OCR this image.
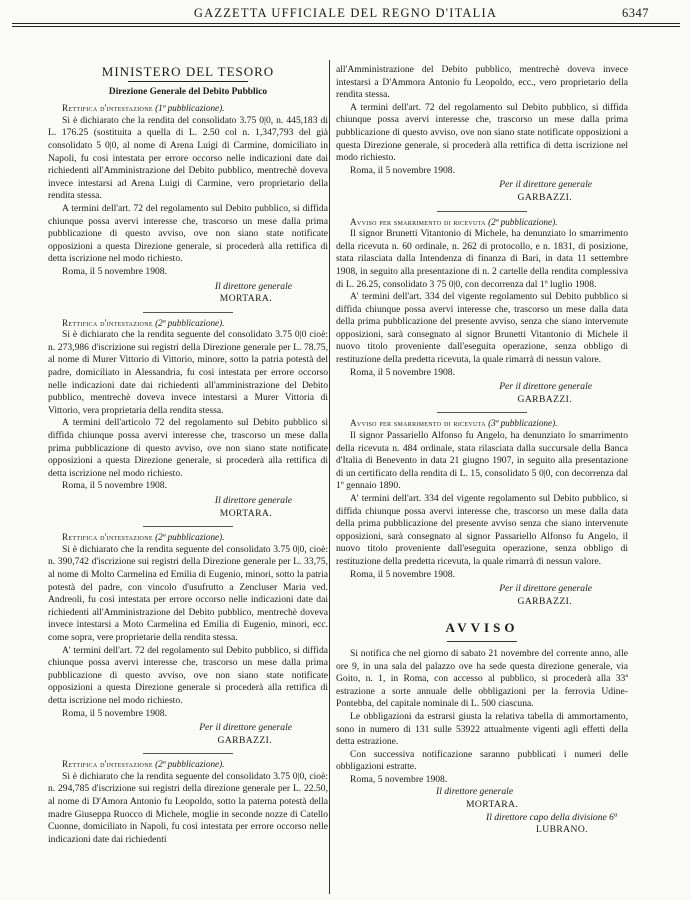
GAZZETTA UFFICIALE DEL REGNO D'ITALIA	6347
MINISTERO DEL TESORO
Direzione Generale del Debito Pubblico

Rettifica d'intestazione (1ª pubblicazione).

Si è dichiarato che la rendita del consolidato 3.75 0|0, n. 445,183 di L. 176.25 (sostituita a quella di L. 2.50 col n. 1,347,793 del già consolidato 5 0|0, al nome di Arena Luigi di Carmine, domiciliato in Napoli, fu così intestata per errore occorso nelle indicazioni date dai richiedenti all'Amministrazione del Debito pubblico, mentrechè doveva invece intestarsi ad Arena Luigi di Carmine, vero proprietario della rendita stessa.

A termini dell'art. 72 del regolamento sul Debito pubblico, si diffida chiunque possa avervi interesse che, trascorso un mese dalla prima pubblicazione di questo avviso, ove non siano state notificate opposizioni a questa Direzione generale, si procederà alla rettifica di detta iscrizione nel modo richiesto.

Roma, il 5 novembre 1908.

Il direttore generale
MORTARA.

Rettifica d'intestazione (2ª pubblicazione).

Si è dichiarato che la rendita seguente del consolidato 3.75 0|0 cioè: n. 273,986 d'iscrizione sui registri della Direzione generale per L. 78.75, al nome di Murer Vittorio di Vittorio, minore, sotto la patria potestà del padre, domiciliato in Alessandria, fu così intestata per errore occorso nelle indicazioni date dai richiedenti all'amministrazione del Debito pubblico, mentrechè doveva invece intestarsi a Murer Vittoria di Vittorio, vera proprietaria della rendita stessa.

A termini dell'articolo 72 del regolamento sul Debito pubblico si diffida chiunque possa avervi interesse che, trascorso un mese dalla prima pubblicazione di questo avviso, ove non siano state notificate opposizioni a questa Direzione generale, si procederà alla rettifica di detta iscrizione nel modo richiesto.

Roma, il 5 novembre 1908.

Il direttore generale
MORTARA.

Rettifica d'intestazione (2ª pubblicazione).

Si è dichiarato che la rendita seguente del consolidato 3.75 0|0, cioè: n. 390,742 d'iscrizione sui registri della Direzione generale per L. 33,75, al nome di Molto Carmelina ed Emilia di Eugenio, minori, sotto la patria potestà del padre, con vincolo d'usufrutto a Zencluser Maria ved. Andreoli, fu così intestata per errore occorso nelle indicazioni date dai richiedenti all'Amministrazione del Debito pubblico, mentrechè doveva invece intestarsi a Moto Carmelina ed Emilia di Eugenio, minori, ecc. come sopra, vere proprietarie della rendita stessa.

A' termini dell'art. 72 del regolamento sul Debito pubblico, si diffida chiunque possa avervi interesse che, trascorso un mese dalla prima pubblicazione di questo avviso, ove non siano state notificate opposizioni a questa Direzione generale si procederà alla rettifica di detta iscrizione nel modo richiesto.

Roma, il 5 novembre 1908.

Per il direttore generale
GARBAZZI.

Rettifica d'intestazione (2ª pubblicazione).

Si è dichiarato che la rendita seguente del consolidato 3.75 0|0, cioè: n. 294,785 d'iscrizione sui registri della direzione generale per L. 22.50, al nome di D'Amora Antonio fu Leopoldo, sotto la paterna potestà della madre Giuseppa Ruocco di Michele, moglie in seconde nozze di Catello Cuonne, domiciliato in Napoli, fu così intestata per errore occorso nelle indicazioni date dai richiedenti

all'Amministrazione del Debito pubblico, mentrechè doveva invece intestarsi a D'Ammora Antonio fu Leopoldo, ecc., vero proprietario della rendita stessa.

A termini dell'art. 72 del regolamento sul Debito pubblico, si diffida chiunque possa avervi interesse che, trascorso un mese dalla prima pubblicazione di questo avviso, ove non siano state notificate opposizioni a questa Direzione generale, si procederà alla rettifica di detta iscrizione nel modo richiesto.

Roma, il 5 novembre 1908.

Per il direttore generale
GARBAZZI.

Avviso per smarrimento di ricevuta (2ª pubblicazione).

Il signor Brunetti Vitantonio di Michele, ha denunziato lo smarrimento della ricevuta n. 60 ordinale, n. 262 di protocollo, e n. 1831, di posizione, stata rilasciata dalla Intendenza di finanza di Bari, in data 11 settembre 1908, in seguito alla presentazione di n. 2 cartelle della rendita complessiva di L. 26.25, consolidato 3 75 0|0, con decorrenza dal 1º luglio 1908.

A' termini dell'art. 334 del vigente regolamento sul Debito pubblico si diffida chiunque possa avervi interesse che, trascorso un mese dalla data della prima pubblicazione del presente avviso, senza che siano intervenute opposizioni, sarà consegnato al signor Brunetti Vitantonio di Michele il nuovo titolo proveniente dall'eseguita operazione, senza obbligo di restituzione della predetta ricevuta, la quale rimarrà di nessun valore.

Roma, il 5 novembre 1908.

Per il direttore generale
GARBAZZI.

Avviso per smarrimento di ricevuta (3ª pubblicazione).

Il signor Passariello Alfonso fu Angelo, ha denunziato lo smarrimento della ricevuta n. 484 ordinale, stata rilasciata dalla succursale della Banca d'Italia di Benevento in data 21 giugno 1907, in seguito alla presentazione di un certificato della rendita di L. 15, consolidato 5 0|0, con decorrenza dal 1º gennaio 1890.

A' termini dell'art. 334 del vigente regolamento sul Debito pubblico, si diffida chiunque possa avervi interesse che, trascorso un mese dalla data della prima pubblicazione del presente avviso senza che siano intervenute opposizioni, sarà consegnato al signor Passariello Alfonso fu Angelo, il nuovo titolo proveniente dall'eseguita operazione, senza obbligo di restituzione della predetta ricevuta, la quale rimarrà di nessun valore.

Roma, il 5 novembre 1908.

Per il direttore generale
GARBAZZI.
AVVISO

Si notifica che nel giorno di sabato 21 novembre del corrente anno, alle ore 9, in una sala del palazzo ove ha sede questa direzione generale, via Goito, n. 1, in Roma, con accesso al pubblico, si procederà alla 33ª estrazione a sorte annuale delle obbligazioni per la ferrovia Udine-Pontebba, del capitale nominale di L. 500 ciascuna.

Le obbligazioni da estrarsi giusta la relativa tabella di ammortamento, sono in numero di 131 sulle 53922 attualmente vigenti agli effetti della detta estrazione.

Con successiva notificazione saranno pubblicati i numeri delle obbligazioni estratte.

Roma, 5 novembre 1908.

Il direttore generale
MORTARA.
Il direttore capo della divisione 6ª
LUBRANO.
